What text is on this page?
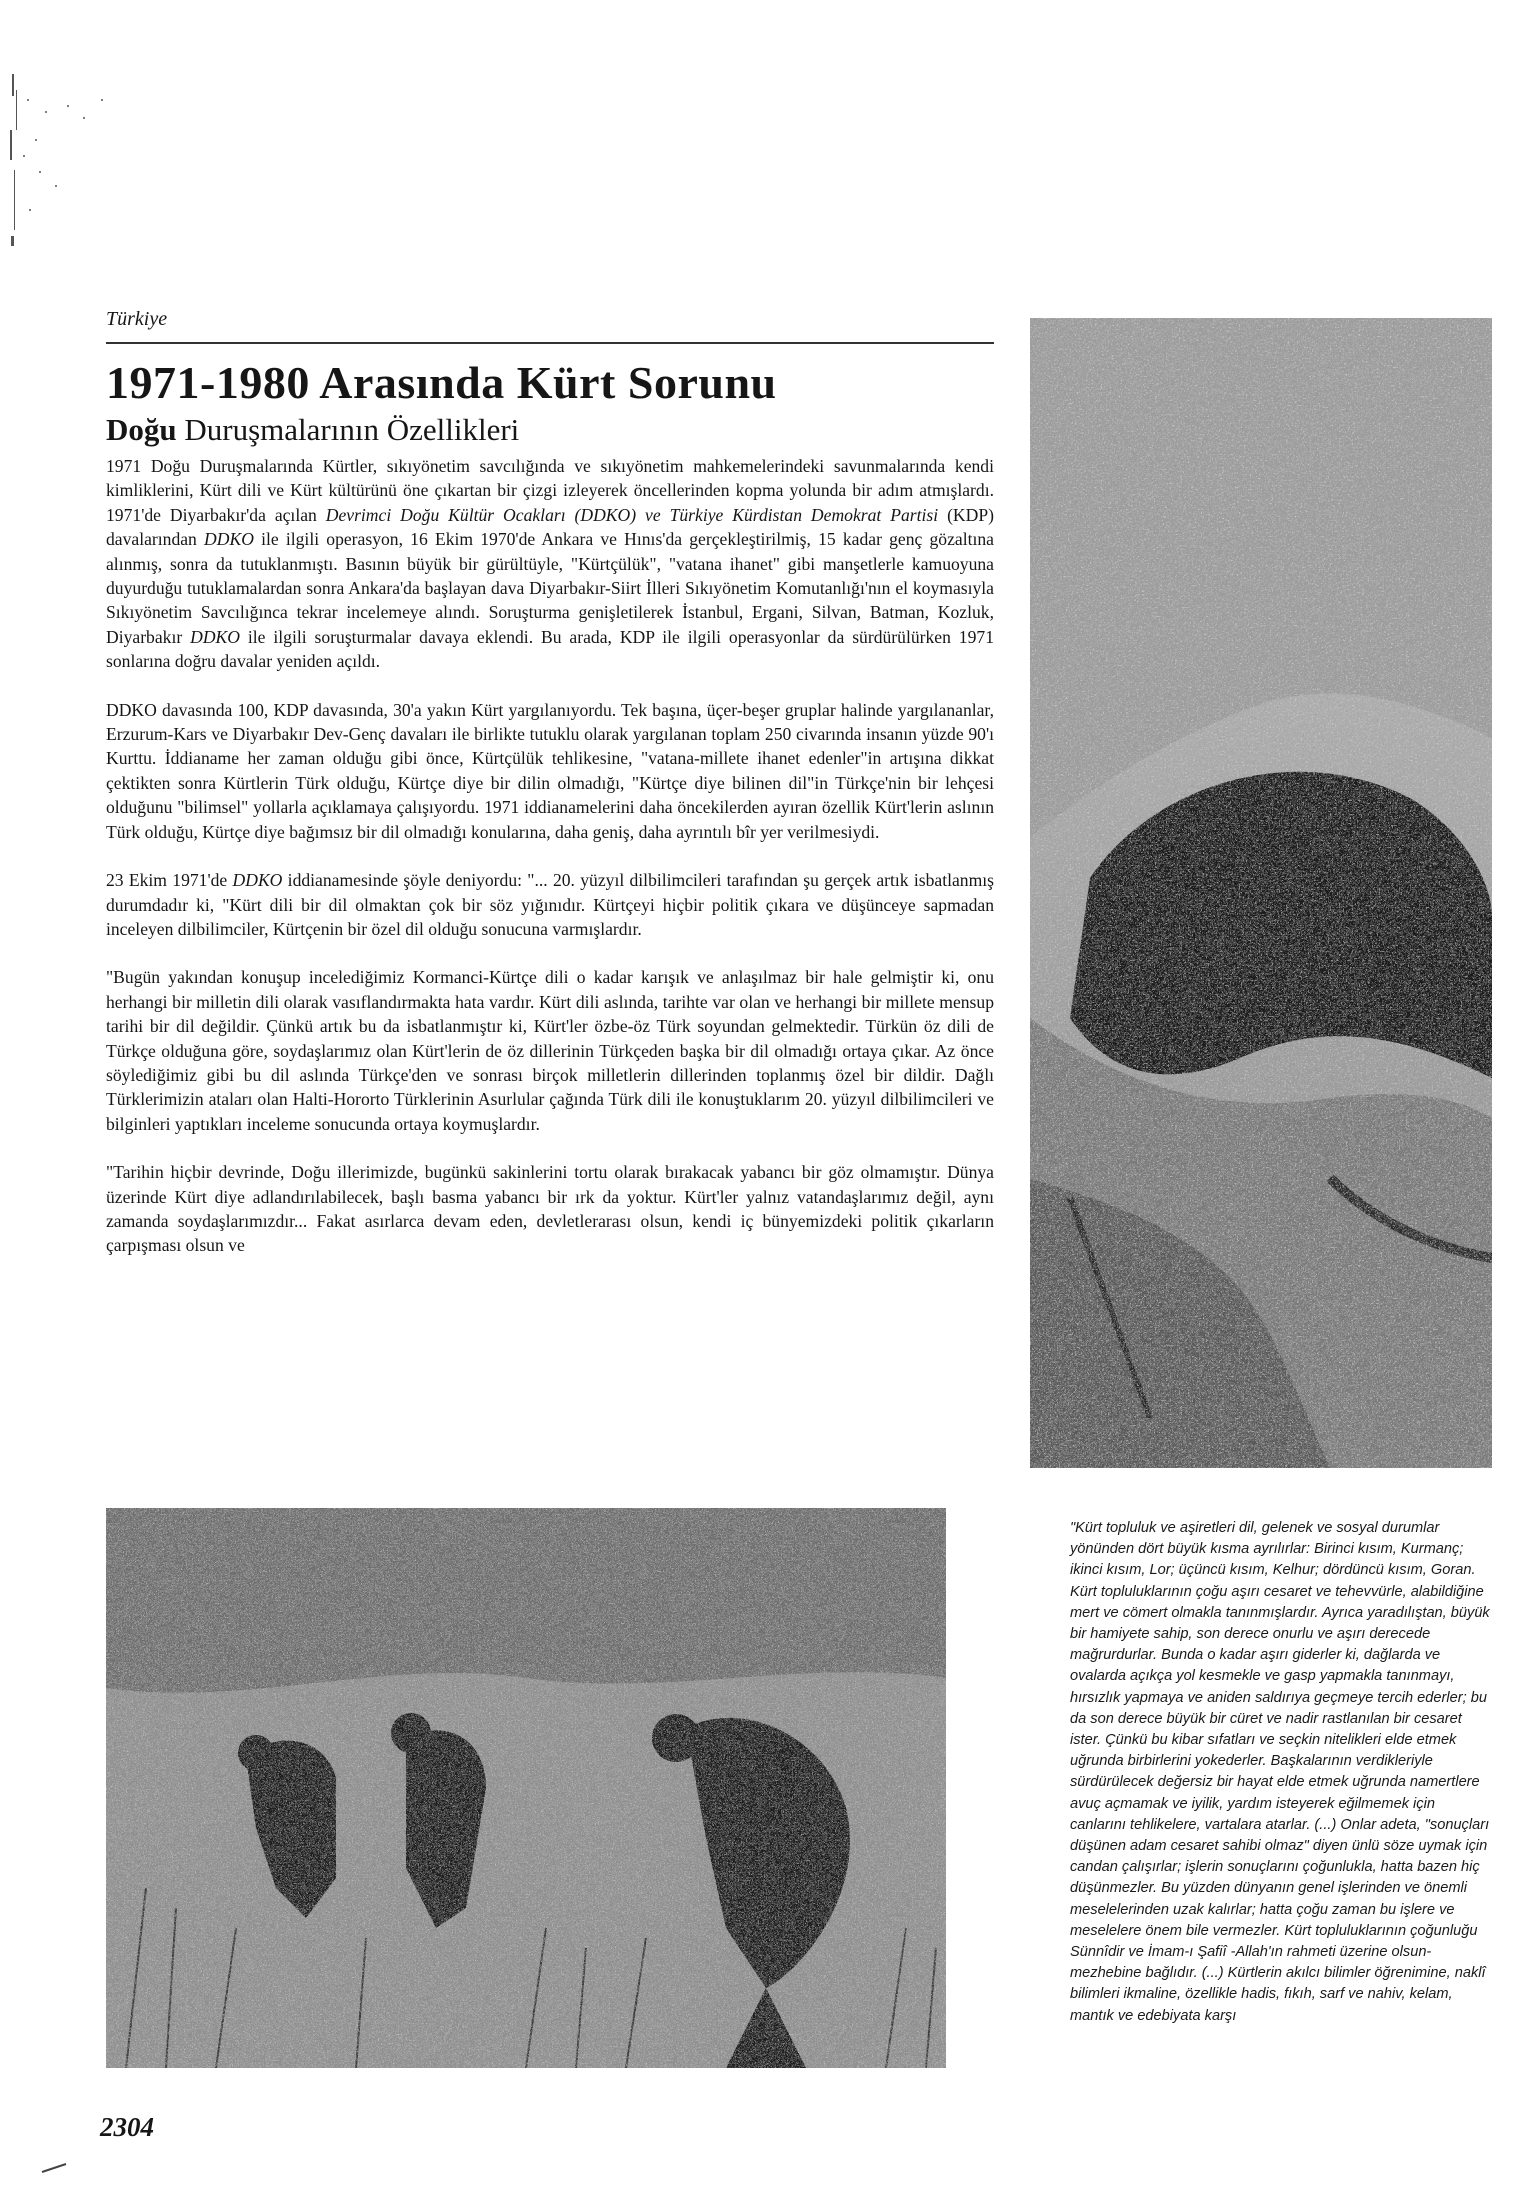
Türkiye
1971-1980 Arasında Kürt Sorunu
Doğu Duruşmalarının Özellikleri

1971 Doğu Duruşmalarında Kürtler, sıkıyönetim savcılığında ve sıkıyönetim mahkemelerindeki savunmalarında kendi kimliklerini, Kürt dili ve Kürt kültürünü öne çıkartan bir çizgi izleyerek öncellerinden kopma yolunda bir adım atmışlardı. 1971'de Diyarbakır'da açılan Devrimci Doğu Kültür Ocakları (DDKO) ve Türkiye Kürdistan Demokrat Partisi (KDP) davalarından DDKO ile ilgili operasyon, 16 Ekim 1970'de Ankara ve Hınıs'da gerçekleştirilmiş, 15 kadar genç gözaltına alınmış, sonra da tutuklanmıştı. Basının büyük bir gürültüyle, "Kürtçülük", "vatana ihanet" gibi manşetlerle kamuoyuna duyurduğu tutuklamalardan sonra Ankara'da başlayan dava Diyarbakır-Siirt İlleri Sıkıyönetim Komutanlığı'nın el koymasıyla Sıkıyönetim Savcılığınca tekrar incelemeye alındı. Soruşturma genişletilerek İstanbul, Ergani, Silvan, Batman, Kozluk, Diyarbakır DDKO ile ilgili soruşturmalar davaya eklendi. Bu arada, KDP ile ilgili operasyonlar da sürdürülürken 1971 sonlarına doğru davalar yeniden açıldı.

DDKO davasında 100, KDP davasında, 30'a yakın Kürt yargılanıyordu. Tek başına, üçer-beşer gruplar halinde yargılananlar, Erzurum-Kars ve Diyarbakır Dev-Genç davaları ile birlikte tutuklu olarak yargılanan toplam 250 civarında insanın yüzde 90'ı Kurttu. İddianame her zaman olduğu gibi önce, Kürtçülük tehlikesine, "vatana-millete ihanet edenler"in artışına dikkat çektikten sonra Kürtlerin Türk olduğu, Kürtçe diye bir dilin olmadığı, "Kürtçe diye bilinen dil"in Türkçe'nin bir lehçesi olduğunu "bilimsel" yollarla açıklamaya çalışıyordu. 1971 iddianamelerini daha öncekilerden ayıran özellik Kürt'lerin aslının Türk olduğu, Kürtçe diye bağımsız bir dil olmadığı konularına, daha geniş, daha ayrıntılı bîr yer verilmesiydi.

23 Ekim 1971'de DDKO iddianamesinde şöyle deniyordu: "... 20. yüzyıl dilbilimcileri tarafından şu gerçek artık isbatlanmış durumdadır ki, "Kürt dili bir dil olmaktan çok bir söz yığınıdır. Kürtçeyi hiçbir politik çıkara ve düşünceye sapmadan inceleyen dilbilimciler, Kürtçenin bir özel dil olduğu sonucuna varmışlardır.

"Bugün yakından konuşup incelediğimiz Kormanci-Kürtçe dili o kadar karışık ve anlaşılmaz bir hale gelmiştir ki, onu herhangi bir milletin dili olarak vasıflandırmakta hata vardır. Kürt dili aslında, tarihte var olan ve herhangi bir millete mensup tarihi bir dil değildir. Çünkü artık bu da isbatlanmıştır ki, Kürt'ler özbe-öz Türk soyundan gelmektedir. Türkün öz dili de Türkçe olduğuna göre, soydaşlarımız olan Kürt'lerin de öz dillerinin Türkçeden başka bir dil olmadığı ortaya çıkar. Az önce söylediğimiz gibi bu dil aslında Türkçe'den ve sonrası birçok milletlerin dillerinden toplanmış özel bir dildir. Dağlı Türklerimizin ataları olan Halti-Hororto Türklerinin Asurlular çağında Türk dili ile konuştuklarım 20. yüzyıl dilbilimcileri ve bilginleri yaptıkları inceleme sonucunda ortaya koymuşlardır.

"Tarihin hiçbir devrinde, Doğu illerimizde, bugünkü sakinlerini tortu olarak bırakacak yabancı bir göz olmamıştır. Dünya üzerinde Kürt diye adlandırılabilecek, başlı basma yabancı bir ırk da yoktur. Kürt'ler yalnız vatandaşlarımız değil, aynı zamanda soydaşlarımızdır... Fakat asırlarca devam eden, devletlerarası olsun, kendi iç bünyemizdeki politik çıkarların çarpışması olsun ve

"Kürt topluluk ve aşiretleri dil, gelenek ve sosyal durumlar yönünden dört büyük kısma ayrılırlar: Birinci kısım, Kurmanç; ikinci kısım, Lor; üçüncü kısım, Kelhur; dördüncü kısım, Goran. Kürt topluluklarının çoğu aşırı cesaret ve tehevvürle, alabildiğine mert ve cömert olmakla tanınmışlardır. Ayrıca yaradılıştan, büyük bir hamiyete sahip, son derece onurlu ve aşırı derecede mağrurdurlar. Bunda o kadar aşırı giderler ki, dağlarda ve ovalarda açıkça yol kesmekle ve gasp yapmakla tanınmayı, hırsızlık yapmaya ve aniden saldırıya geçmeye tercih ederler; bu da son derece büyük bir cüret ve nadir rastlanılan bir cesaret ister. Çünkü bu kibar sıfatları ve seçkin nitelikleri elde etmek uğrunda birbirlerini yokederler. Başkalarının verdikleriyle sürdürülecek değersiz bir hayat elde etmek uğrunda namertlere avuç açmamak ve iyilik, yardım isteyerek eğilmemek için canlarını tehlikelere, vartalara atarlar. (...) Onlar adeta, "sonuçları düşünen adam cesaret sahibi olmaz" diyen ünlü söze uymak için candan çalışırlar; işlerin sonuçlarını çoğunlukla, hatta bazen hiç düşünmezler. Bu yüzden dünyanın genel işlerinden ve önemli meselelerinden uzak kalırlar; hatta çoğu zaman bu işlere ve meselelere önem bile vermezler. Kürt topluluklarının çoğunluğu Sünnîdir ve İmam-ı Şafiî -Allah'ın rahmeti üzerine olsun- mezhebine bağlıdır. (...) Kürtlerin akılcı bilimler öğrenimine, naklî bilimleri ikmaline, özellikle hadis, fıkıh, sarf ve nahiv, kelam, mantık ve edebiyata karşı
2304
